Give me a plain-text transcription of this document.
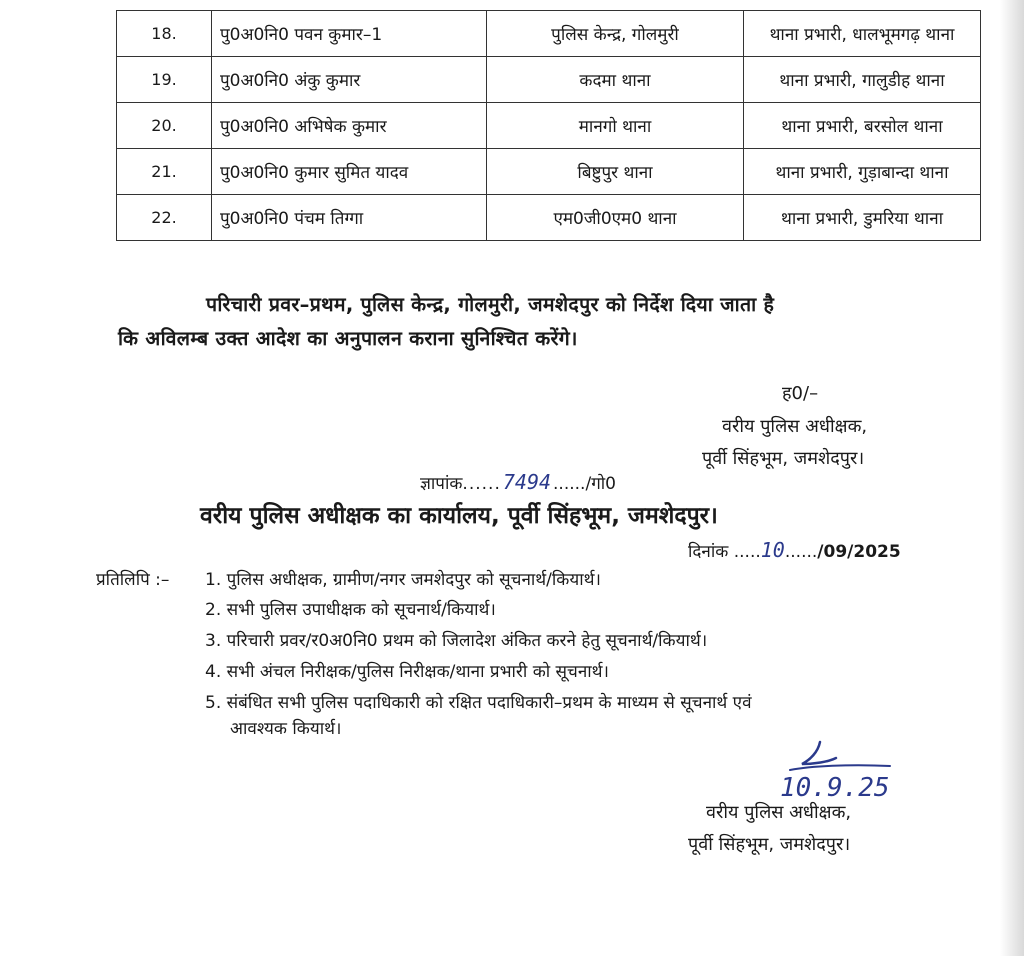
18.	पु0अ0नि0 पवन कुमार–1	पुलिस केन्द्र, गोलमुरी	थाना प्रभारी, धालभूमगढ़ थाना
19.	पु0अ0नि0 अंकु कुमार	कदमा थाना	थाना प्रभारी, गालुडीह थाना
20.	पु0अ0नि0 अभिषेक कुमार	मानगो थाना	थाना प्रभारी, बरसोल थाना
21.	पु0अ0नि0 कुमार सुमित यादव	बिष्टुपुर थाना	थाना प्रभारी, गुड़ाबान्दा थाना
22.	पु0अ0नि0 पंचम तिग्गा	एम0जी0एम0 थाना	थाना प्रभारी, डुमरिया थाना
परिचारी प्रवर–प्रथम, पुलिस केन्द्र, गोलमुरी, जमशेदपुर को निर्देश दिया जाता है
कि अविलम्ब उक्त आदेश का अनुपालन कराना सुनिश्चित करेंगे।
ह0/–
वरीय पुलिस अधीक्षक,
पूर्वी सिंहभूम, जमशेदपुर।
ज्ञापांक...... 7494 ....../गो0
वरीय पुलिस अधीक्षक का कार्यालय, पूर्वी सिंहभूम, जमशेदपुर।
दिनांक .....10....../09/2025
प्रतिलिपि :– 1. पुलिस अधीक्षक, ग्रामीण/नगर जमशेदपुर को सूचनार्थ/कियार्थ।
2. सभी पुलिस उपाधीक्षक को सूचनार्थ/कियार्थ।
3. परिचारी प्रवर/र0अ0नि0 प्रथम को जिलादेश अंकित करने हेतु सूचनार्थ/कियार्थ।
4. सभी अंचल निरीक्षक/पुलिस निरीक्षक/थाना प्रभारी को सूचनार्थ।
5. संबंधित सभी पुलिस पदाधिकारी को रक्षित पदाधिकारी–प्रथम के माध्यम से सूचनार्थ एवं
आवश्यक कियार्थ।
10.9.25
वरीय पुलिस अधीक्षक,
पूर्वी सिंहभूम, जमशेदपुर।
